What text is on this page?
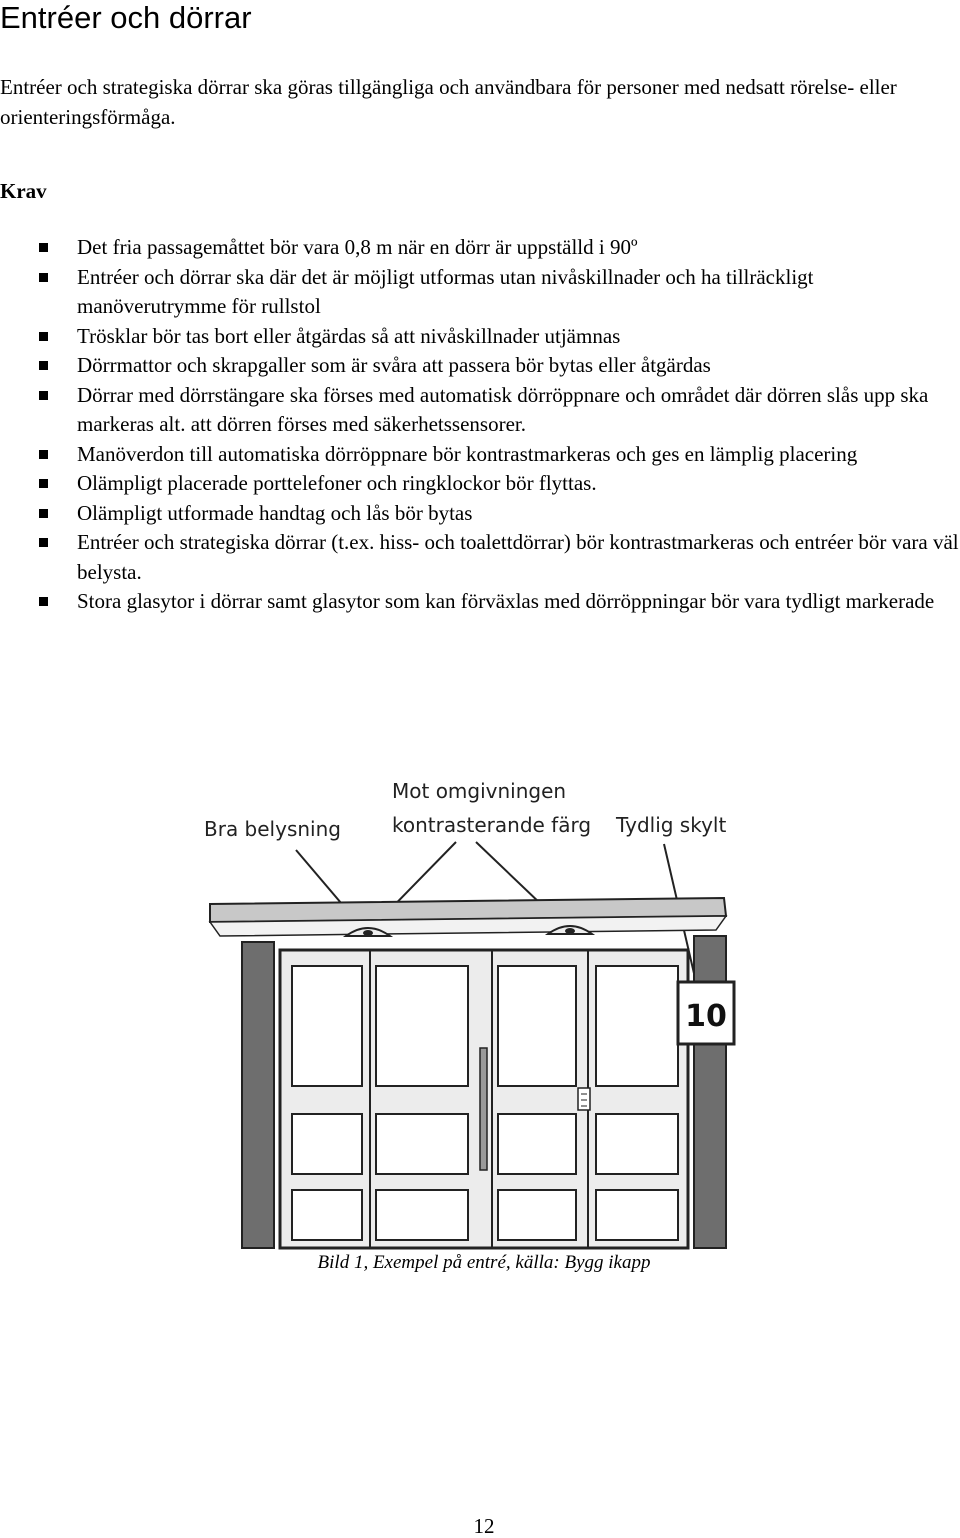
Entréer och dörrar

Entréer och strategiska dörrar ska göras tillgängliga och användbara för personer med nedsatt rörelse- eller orienteringsförmåga.

Krav
Det fria passagemåttet bör vara 0,8 m när en dörr är uppställd i 90º
Entréer och dörrar ska där det är möjligt utformas utan nivåskillnader och ha tillräckligt manöverutrymme för rullstol
Trösklar bör tas bort eller åtgärdas så att nivåskillnader utjämnas
Dörrmattor och skrapgaller som är svåra att passera bör bytas eller åtgärdas
Dörrar med dörrstängare ska förses med automatisk dörröppnare och området där dörren slås upp ska markeras alt. att dörren förses med säkerhetssensorer.
Manöverdon till automatiska dörröppnare bör kontrastmarkeras och ges en lämplig placering
Olämpligt placerade porttelefoner och ringklockor bör flyttas.
Olämpligt utformade handtag och lås bör bytas
Entréer och strategiska dörrar (t.ex. hiss- och toalettdörrar) bör kontrastmarkeras och entréer bör vara väl belysta.
Stora glasytor i dörrar samt glasytor som kan förväxlas med dörröppningar bör vara tydligt markerade
Bra belysning
Mot omgivningen
kontrasterande färg Tydlig skylt
10

Bild 1, Exempel på entré, källa: Bygg ikapp

12
